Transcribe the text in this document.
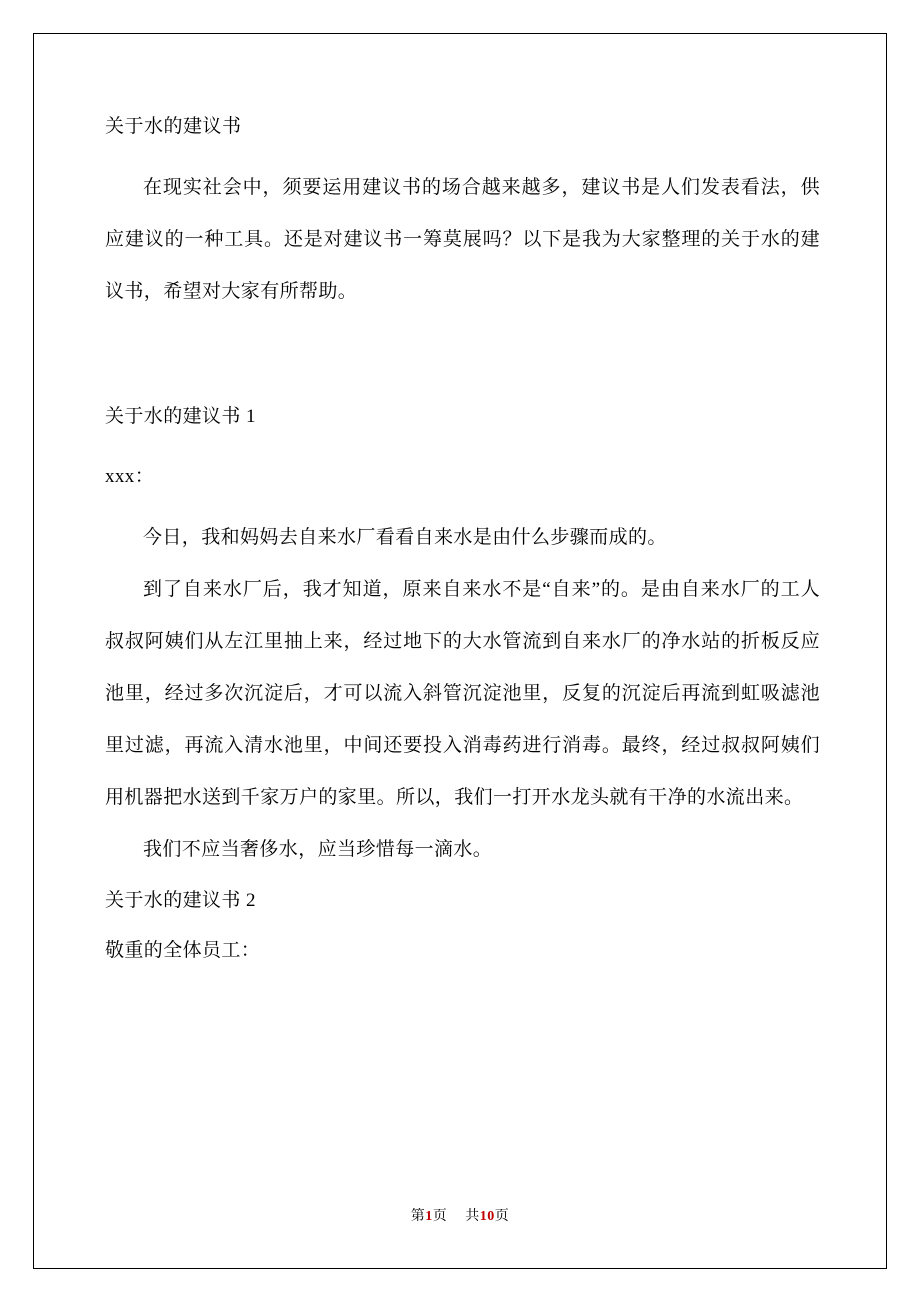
关于水的建议书

在现实社会中，须要运用建议书的场合越来越多，建议书是人们发表看法，供应建议的一种工具。还是对建议书一筹莫展吗？以下是我为大家整理的关于水的建议书，希望对大家有所帮助。

关于水的建议书 1
xxx：

今日，我和妈妈去自来水厂看看自来水是由什么步骤而成的。

到了自来水厂后，我才知道，原来自来水不是“自来”的。是由自来水厂的工人叔叔阿姨们从左江里抽上来，经过地下的大水管流到自来水厂的净水站的折板反应池里，经过多次沉淀后，才可以流入斜管沉淀池里，反复的沉淀后再流到虹吸滤池里过滤，再流入清水池里，中间还要投入消毒药进行消毒。最终，经过叔叔阿姨们用机器把水送到千家万户的家里。所以，我们一打开水龙头就有干净的水流出来。

我们不应当奢侈水，应当珍惜每一滴水。

关于水的建议书 2
敬重的全体员工：
第1页 共10页
